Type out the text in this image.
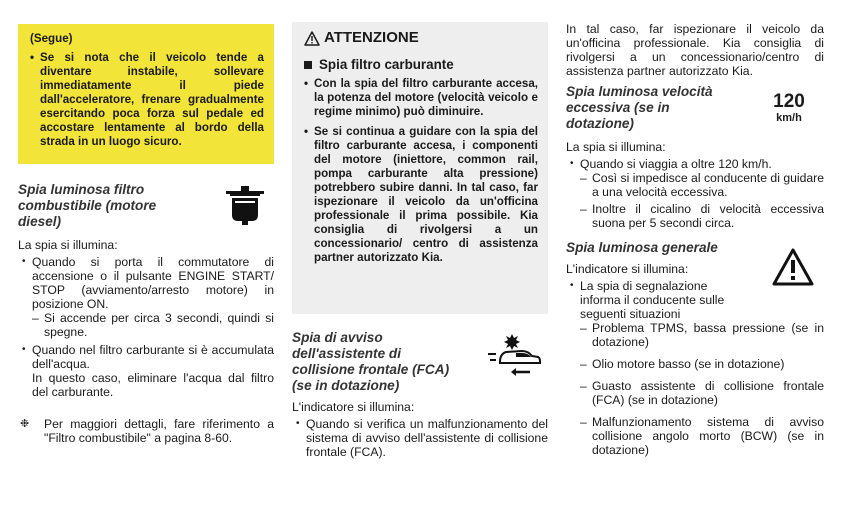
(Segue)
• Se si nota che il veicolo tende a diventare instabile, sollevare immediatamente il piede dall'acceleratore, frenare gradualmente esercitando poca forza sul pedale ed accostare lentamente al bordo della strada in un luogo sicuro.
Spia luminosa filtro combustibile (motore diesel)
La spia si illumina:
• Quando si porta il commutatore di accensione o il pulsante ENGINE START/ STOP (avviamento/arresto motore) in posizione ON.
– Si accende per circa 3 secondi, quindi si spegne.
• Quando nel filtro carburante si è accumulata dell'acqua.
In questo caso, eliminare l'acqua dal filtro del carburante.
❉ Per maggiori dettagli, fare riferimento a "Filtro combustibile" a pagina 8-60.
ATTENZIONE
Spia filtro carburante
• Con la spia del filtro carburante accesa, la potenza del motore (velocità veicolo e regime minimo) può diminuire.
• Se si continua a guidare con la spia del filtro carburante accesa, i componenti del motore (iniettore, common rail, pompa carburante alta pressione) potrebbero subire danni. In tal caso, far ispezionare il veicolo da un'officina professionale il prima possibile. Kia consiglia di rivolgersi a un concessionario/ centro di assistenza partner autorizzato Kia.
Spia di avviso dell'assistente di collisione frontale (FCA) (se in dotazione)
L'indicatore si illumina:
• Quando si verifica un malfunzionamento del sistema di avviso dell'assistente di collisione frontale (FCA).
In tal caso, far ispezionare il veicolo da un'officina professionale. Kia consiglia di rivolgersi a un concessionario/centro di assistenza partner autorizzato Kia.
Spia luminosa velocità eccessiva (se in dotazione)
120
km/h
La spia si illumina:
• Quando si viaggia a oltre 120 km/h.
– Così si impedisce al conducente di guidare a una velocità eccessiva.
– Inoltre il cicalino di velocità eccessiva suona per 5 secondi circa.
Spia luminosa generale
L'indicatore si illumina:
• La spia di segnalazione informa il conducente sulle seguenti situazioni
– Problema TPMS, bassa pressione (se in dotazione)
– Olio motore basso (se in dotazione)
– Guasto assistente di collisione frontale (FCA) (se in dotazione)
– Malfunzionamento sistema di avviso collisione angolo morto (BCW) (se in dotazione)
